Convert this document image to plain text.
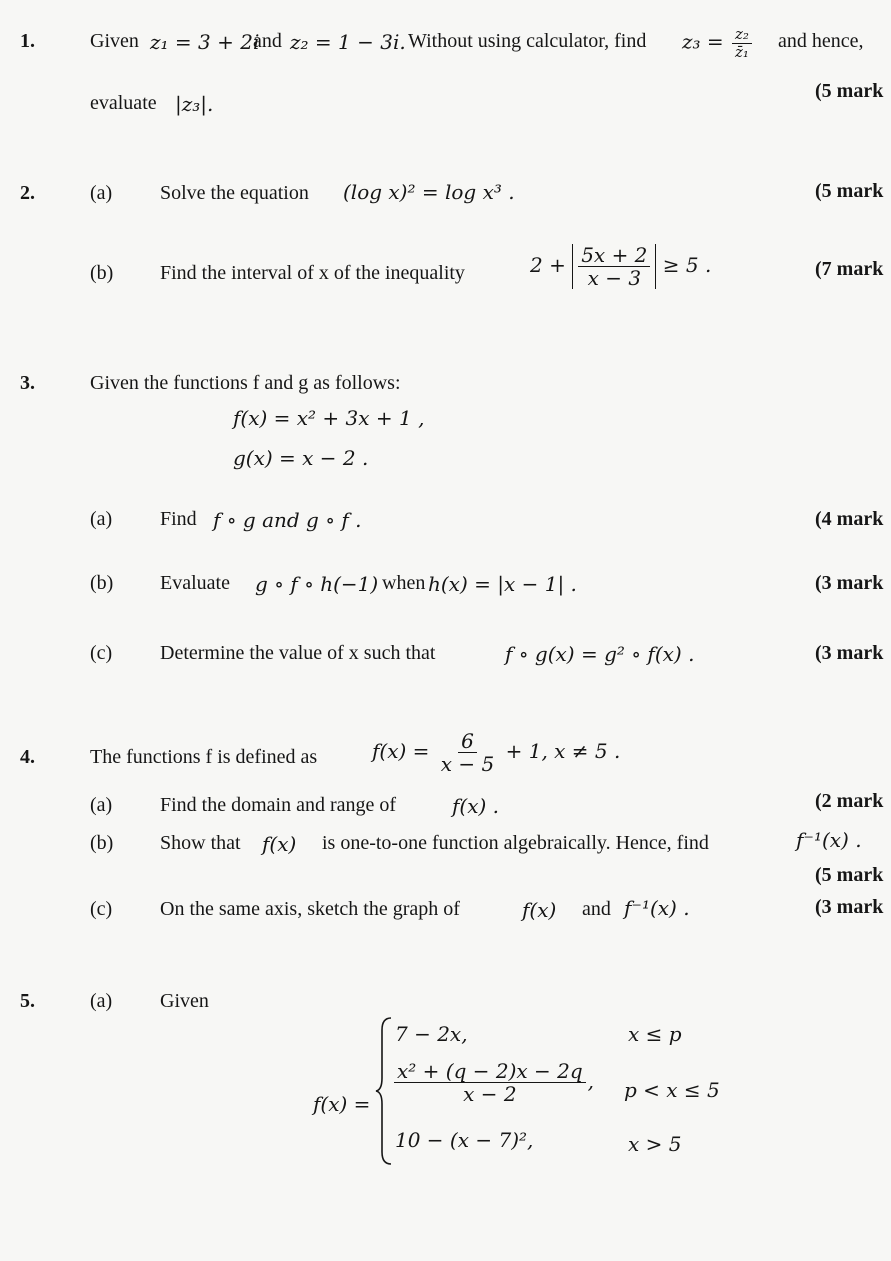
1.	Given z₁ = 3 + 2i
and z₂ = 1 − 3i. Without using calculator, find $z_3 = \frac{\text{z₂}}{\text{z̄₁}}$ and hence,
evaluate |z₃|.
(5 mark
2.	(a) Solve the equation (log x)² = log x³ .	(5 mark
(b) Find the interval of x of the inequality	$2 + \frac{5x + 2}{x - 3} \ge 5$ .	(7 mark
3.	Given the functions f and g as follows:
f(x) = x² + 3x + 1 ,
g(x) = x − 2 .
(a) Find f ∘ g and g ∘ f .	(4 mark
(b) Evaluate g ∘ f ∘ h(−1) when h(x) = |x − 1| .	(3 mark
(c) Determine the value of x such that	f ∘ g(x) = g² ∘ f(x) .	(3 mark
4.	The functions f is defined as	$f(x) = \frac{6}{x - 5} + 1$, x ≠ 5 .
(a) Find the domain and range of	f(x) .	(2 mark
(b) Show that f(x) is one-to-one function algebraically. Hence, find	f⁻¹(x) .
(5 mark
(c) On the same axis, sketch the graph of	f(x) and f⁻¹(x) .	(3 mark
5.	(a) Given
f(x) =
7 − 2x,	x ≤ p
$\frac{\text{x² + (q − 2)x − 2q}}{x - 2}$ , p < x ≤ 5
10 − (x − 7)²,	x > 5
